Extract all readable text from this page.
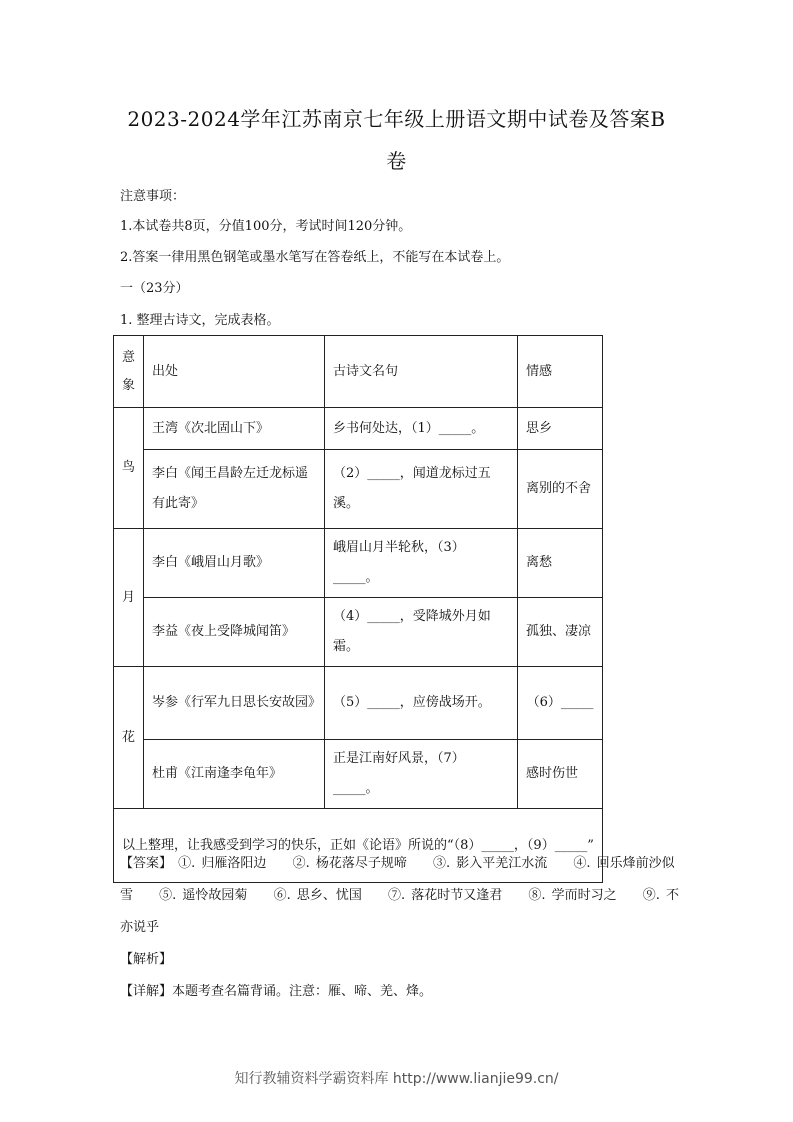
2023-2024学年江苏南京七年级上册语文期中试卷及答案B
卷
注意事项：
1.本试卷共8页，分值100分，考试时间120分钟。
2.答案一律用黑色钢笔或墨水笔写在答卷纸上，不能写在本试卷上。
一（23分）
1. 整理古诗文，完成表格。
意象	出处	古诗文名句	情感
鸟	王湾《次北固山下》	乡书何处达，（1）_____。	思乡
	李白《闻王昌龄左迁龙标遥有此寄》	（2）_____，闻道龙标过五溪。	离别的不舍
月	李白《峨眉山月歌》	峨眉山月半轮秋，（3）_____。	离愁
	李益《夜上受降城闻笛》	（4）_____，受降城外月如霜。	孤独、凄凉
花	岑参《行军九日思长安故园》	（5）_____，应傍战场开。	（6）_____
	杜甫《江南逢李龟年》	正是江南好风景，（7）_____。	感时伤世
以上整理，让我感受到学习的快乐，正如《论语》所说的“（8）_____，（9）_____”			
【答案】 ①. 归雁洛阳边 ②. 杨花落尽子规啼 ③. 影入平羌江水流 ④. 回乐烽前沙似雪 ⑤. 遥怜故园菊 ⑥. 思乡、忧国 ⑦. 落花时节又逢君 ⑧. 学而时习之 ⑨. 不亦说乎
【解析】
【详解】本题考查名篇背诵。注意：雁、啼、羌、烽。
知行教辅资料学霸资料库 http://www.lianjie99.cn/
